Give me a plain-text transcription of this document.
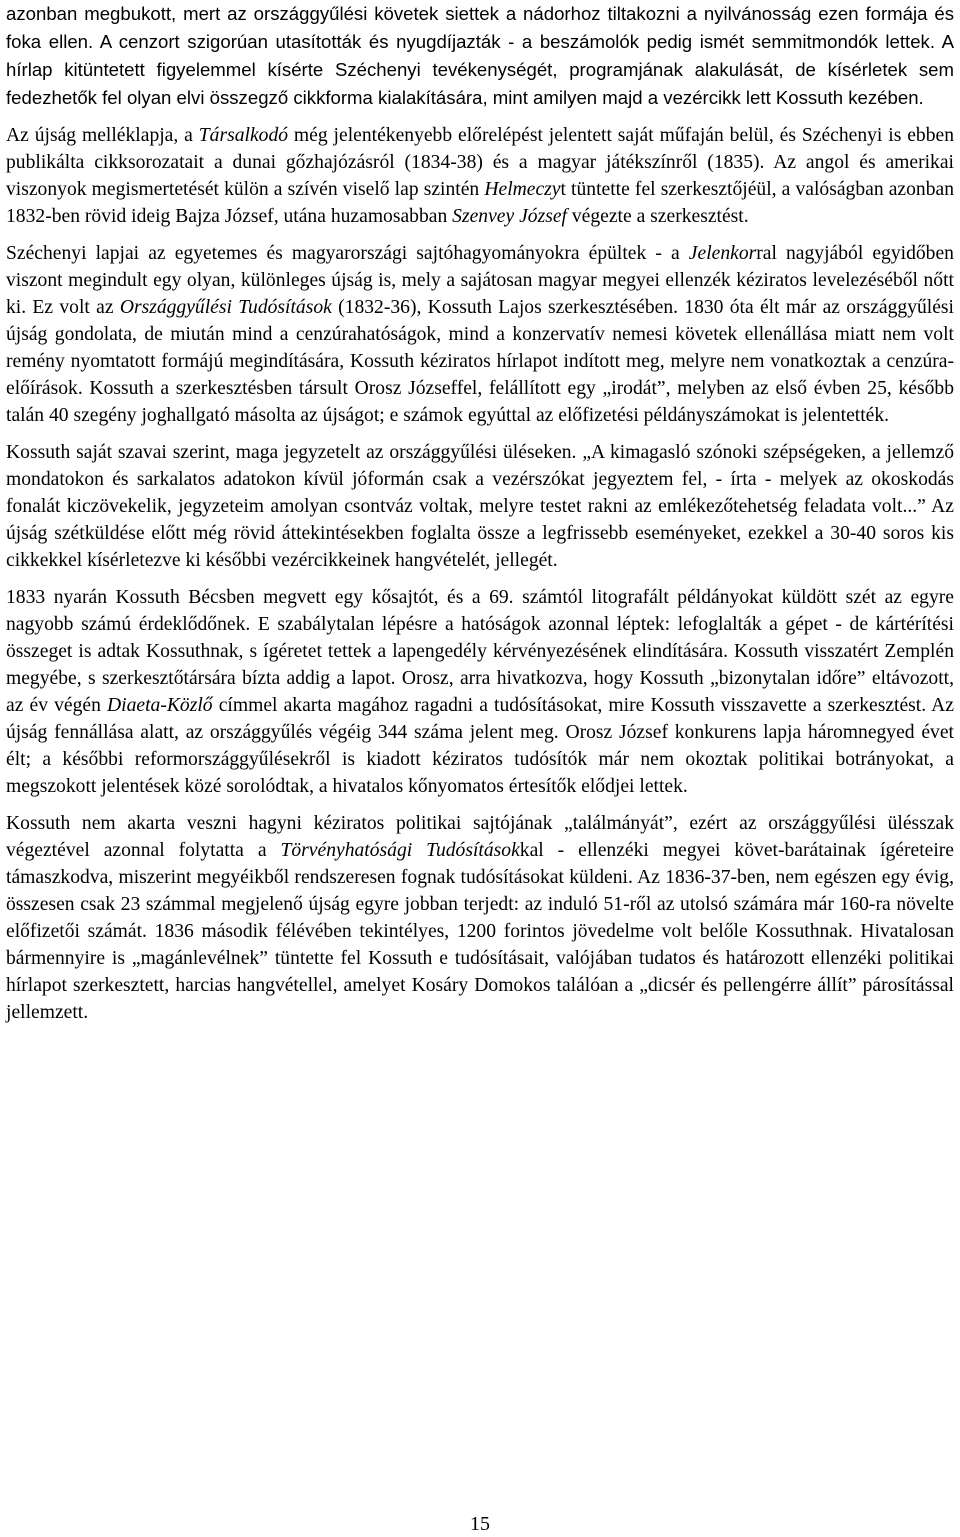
azonban megbukott, mert az országgyűlési követek siettek a nádorhoz tiltakozni a nyilvánosság ezen formája és foka ellen. A cenzort szigorúan utasították és nyugdíjazták - a beszámolók pedig ismét semmitmondók lettek. A hírlap kitüntetett figyelemmel kísérte Széchenyi tevékenységét, programjának alakulását, de kísérletek sem fedezhetők fel olyan elvi összegző cikkforma kialakítására, mint amilyen majd a vezércikk lett Kossuth kezében.

Az újság melléklapja, a Társalkodó még jelentékenyebb előrelépést jelentett saját műfaján belül, és Széchenyi is ebben publikálta cikksorozatait a dunai gőzhajózásról (1834-38) és a magyar játékszínről (1835). Az angol és amerikai viszonyok megismertetését külön a szívén viselő lap szintén Helmeczyt tüntette fel szerkesztőjéül, a valóságban azonban 1832-ben rövid ideig Bajza József, utána huzamosabban Szenvey József végezte a szerkesztést.

Széchenyi lapjai az egyetemes és magyarországi sajtóhagyományokra épültek - a Jelenkorral nagyjából egyidőben viszont megindult egy olyan, különleges újság is, mely a sajátosan magyar megyei ellenzék kéziratos levelezéséből nőtt ki. Ez volt az Országgyűlési Tudósítások (1832-36), Kossuth Lajos szerkesztésében. 1830 óta élt már az országgyűlési újság gondolata, de miután mind a cenzúrahatóságok, mind a konzervatív nemesi követek ellenállása miatt nem volt remény nyomtatott formájú megindítására, Kossuth kéziratos hírlapot indított meg, melyre nem vonatkoztak a cenzúra-előírások. Kossuth a szerkesztésben társult Orosz Józseffel, felállított egy „irodát”, melyben az első évben 25, később talán 40 szegény joghallgató másolta az újságot; e számok egyúttal az előfizetési példányszámokat is jelentették.

Kossuth saját szavai szerint, maga jegyzetelt az országgyűlési üléseken. „A kimagasló szónoki szépségeken, a jellemző mondatokon és sarkalatos adatokon kívül jóformán csak a vezérszókat jegyeztem fel, - írta - melyek az okoskodás fonalát kiczövekelik, jegyzeteim amolyan csontváz voltak, melyre testet rakni az emlékezőtehetség feladata volt...” Az újság szétküldése előtt még rövid áttekintésekben foglalta össze a legfrissebb eseményeket, ezekkel a 30-40 soros kis cikkekkel kísérletezve ki későbbi vezércikkeinek hangvételét, jellegét.

1833 nyarán Kossuth Bécsben megvett egy kősajtót, és a 69. számtól litografált példányokat küldött szét az egyre nagyobb számú érdeklődőnek. E szabálytalan lépésre a hatóságok azonnal léptek: lefoglalták a gépet - de kártérítési összeget is adtak Kossuthnak, s ígéretet tettek a lapengedély kérvényezésének elindítására. Kossuth visszatért Zemplén megyébe, s szerkesztőtársára bízta addig a lapot. Orosz, arra hivatkozva, hogy Kossuth „bizonytalan időre” eltávozott, az év végén Diaeta-Közlő címmel akarta magához ragadni a tudósításokat, mire Kossuth visszavette a szerkesztést. Az újság fennállása alatt, az országgyűlés végéig 344 száma jelent meg. Orosz József konkurens lapja háromnegyed évet élt; a későbbi reformországgyűlésekről is kiadott kéziratos tudósítók már nem okoztak politikai botrányokat, a megszokott jelentések közé sorolódtak, a hivatalos kőnyomatos értesítők elődjei lettek.

Kossuth nem akarta veszni hagyni kéziratos politikai sajtójának „találmányát”, ezért az országgyűlési ülésszak végeztével azonnal folytatta a Törvényhatósági Tudósításokkal - ellenzéki megyei követ-barátainak ígéreteire támaszkodva, miszerint megyéikből rendszeresen fognak tudósításokat küldeni. Az 1836-37-ben, nem egészen egy évig, összesen csak 23 számmal megjelenő újság egyre jobban terjedt: az induló 51-ről az utolsó számára már 160-ra növelte előfizetői számát. 1836 második félévében tekintélyes, 1200 forintos jövedelme volt belőle Kossuthnak. Hivatalosan bármennyire is „magánlevélnek” tüntette fel Kossuth e tudósításait, valójában tudatos és határozott ellenzéki politikai hírlapot szerkesztett, harcias hangvétellel, amelyet Kosáry Domokos találóan a „dicsér és pellengérre állít” párosítással jellemzett.

15
